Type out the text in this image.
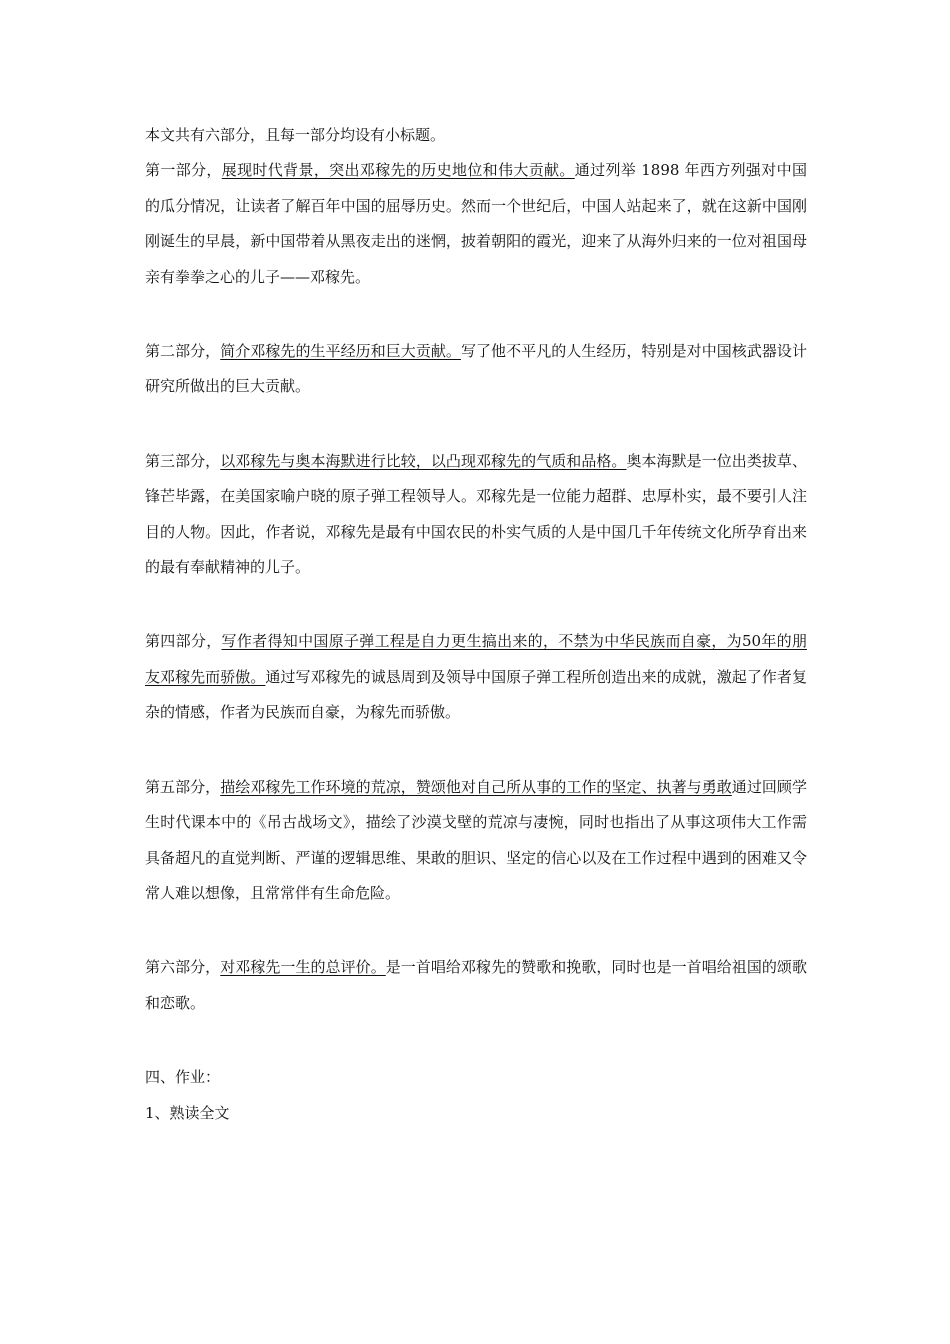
本文共有六部分，且每一部分均设有小标题。

第一部分，展现时代背景，突出邓稼先的历史地位和伟大贡献。通过列举 1898 年西方列强对中国的瓜分情况，让读者了解百年中国的屈辱历史。然而一个世纪后，中国人站起来了，就在这新中国刚刚诞生的早晨，新中国带着从黑夜走出的迷惘，披着朝阳的霞光，迎来了从海外归来的一位对祖国母亲有拳拳之心的儿子——邓稼先。

第二部分，简介邓稼先的生平经历和巨大贡献。写了他不平凡的人生经历，特别是对中国核武器设计研究所做出的巨大贡献。

第三部分，以邓稼先与奥本海默进行比较，以凸现邓稼先的气质和品格。奥本海默是一位出类拔草、锋芒毕露，在美国家喻户晓的原子弹工程领导人。邓稼先是一位能力超群、忠厚朴实，最不要引人注目的人物。因此，作者说，邓稼先是最有中国农民的朴实气质的人是中国几千年传统文化所孕育出来的最有奉献精神的儿子。

第四部分，写作者得知中国原子弹工程是自力更生搞出来的，不禁为中华民族而自豪，为50年的朋友邓稼先而骄傲。通过写邓稼先的诚恳周到及领导中国原子弹工程所创造出来的成就，激起了作者复杂的情感，作者为民族而自豪，为稼先而骄傲。

第五部分，描绘邓稼先工作环境的荒凉，赞颂他对自己所从事的工作的坚定、执著与勇敢通过回顾学生时代课本中的《吊古战场文》，描绘了沙漠戈壁的荒凉与凄惋，同时也指出了从事这项伟大工作需具备超凡的直觉判断、严谨的逻辑思维、果敢的胆识、坚定的信心以及在工作过程中遇到的困难又令常人难以想像，且常常伴有生命危险。

第六部分，对邓稼先一生的总评价。是一首唱给邓稼先的赞歌和挽歌，同时也是一首唱给祖国的颂歌和恋歌。

四、作业：

1、熟读全文
